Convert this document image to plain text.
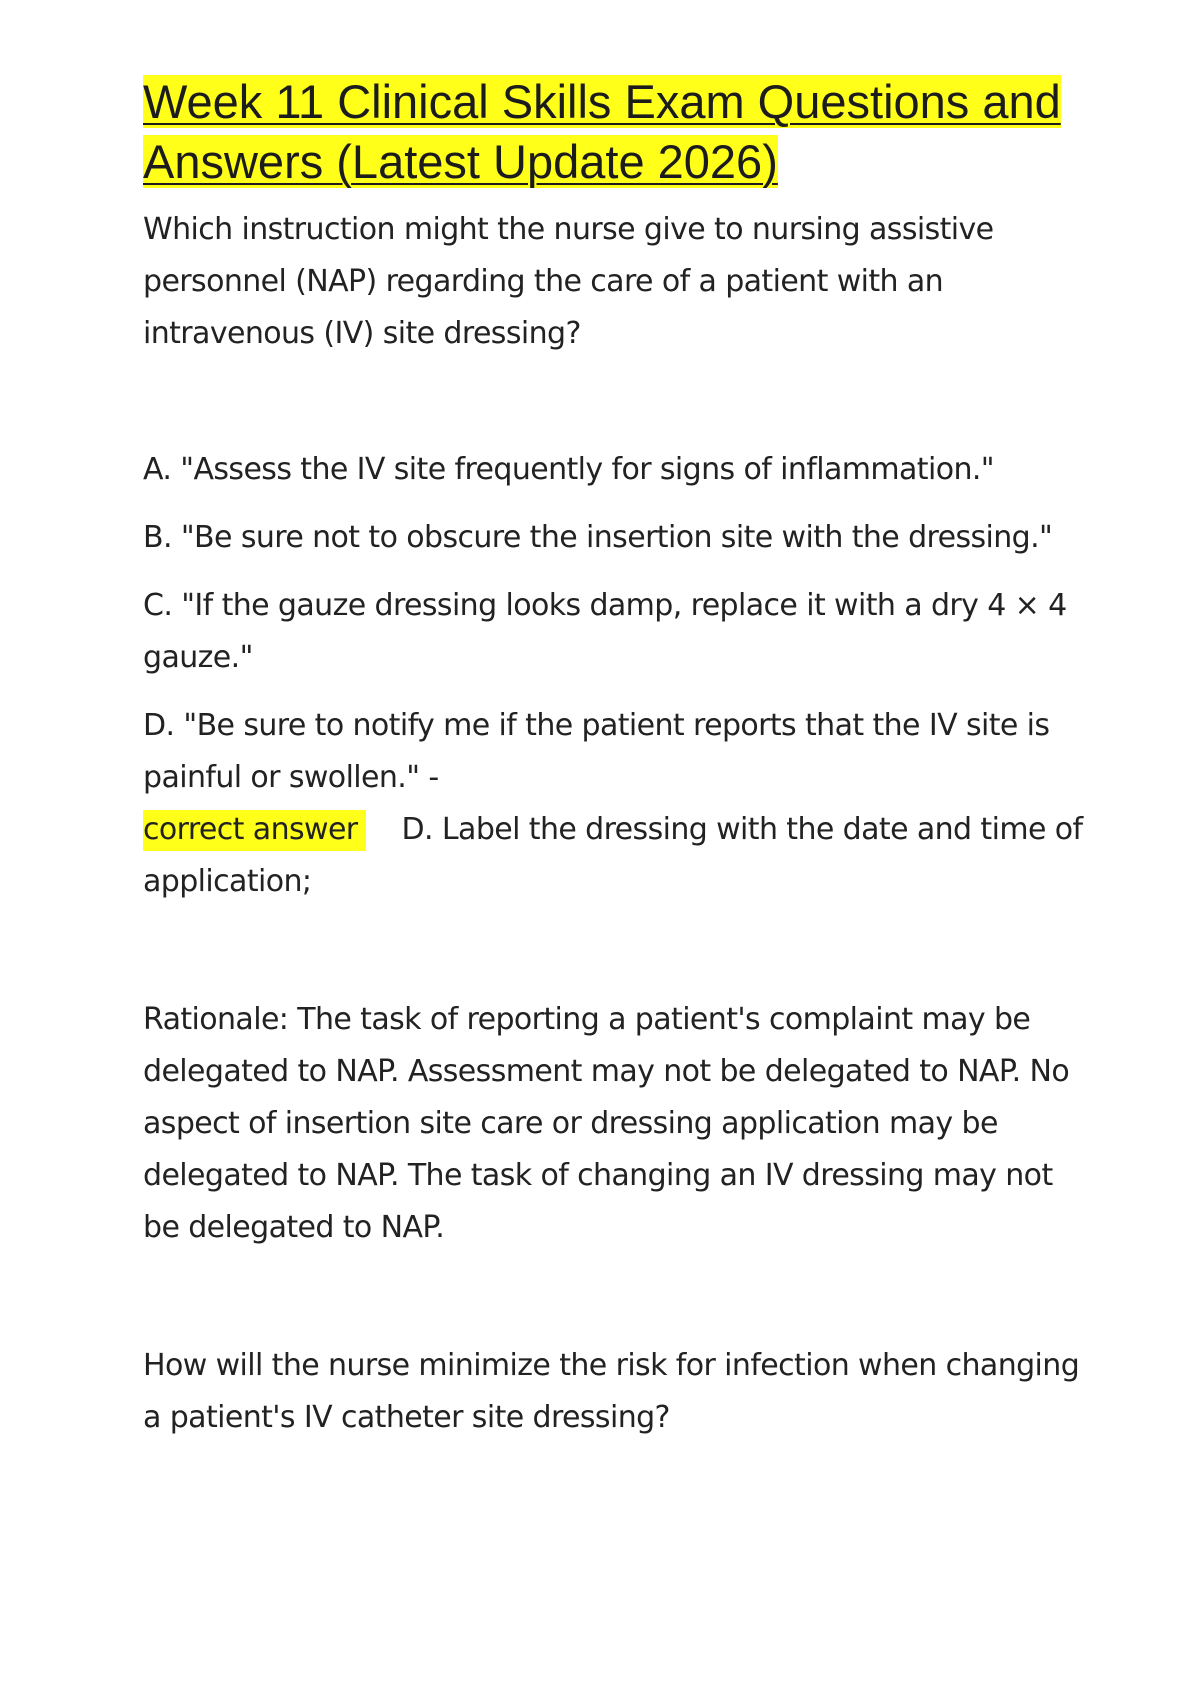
Week 11 Clinical Skills Exam Questions and Answers (Latest Update 2026)

Which instruction might the nurse give to nursing assistive personnel (NAP) regarding the care of a patient with an intravenous (IV) site dressing?

A. "Assess the IV site frequently for signs of inflammation."

B. "Be sure not to obscure the insertion site with the dressing."

C. "If the gauze dressing looks damp, replace it with a dry 4 × 4 gauze."

D. "Be sure to notify me if the patient reports that the IV site is painful or swollen." -

correct answer D. Label the dressing with the date and time of application;

Rationale: The task of reporting a patient's complaint may be delegated to NAP. Assessment may not be delegated to NAP. No aspect of insertion site care or dressing application may be delegated to NAP. The task of changing an IV dressing may not be delegated to NAP.

How will the nurse minimize the risk for infection when changing a patient's IV catheter site dressing?
